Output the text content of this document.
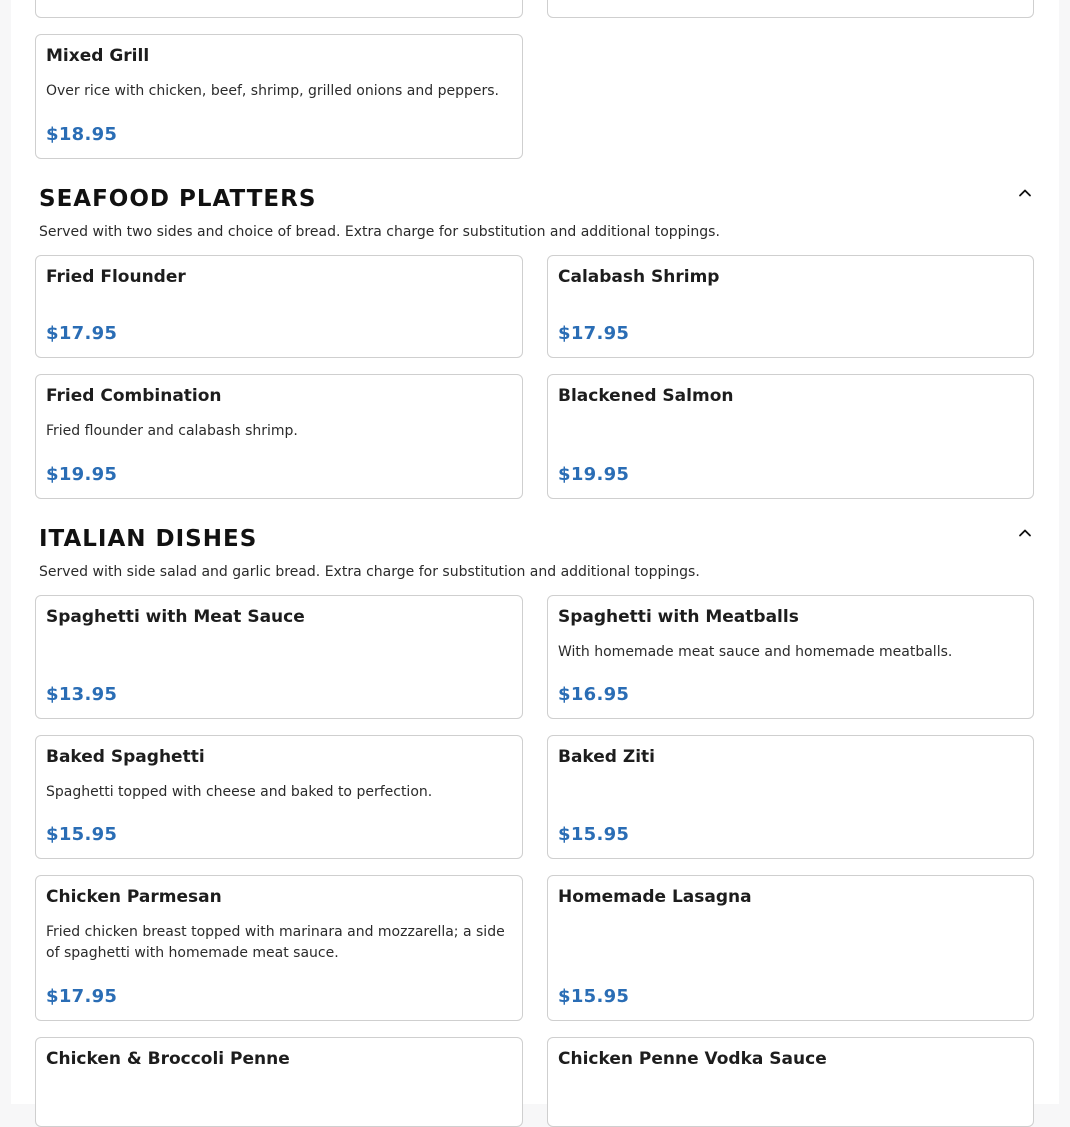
Mixed Grill
Over rice with chicken, beef, shrimp, grilled onions and peppers.
$18.95
SEAFOOD PLATTERS
Served with two sides and choice of bread. Extra charge for substitution and additional toppings.
Fried Flounder
$17.95
Calabash Shrimp
$17.95
Fried Combination
Fried flounder and calabash shrimp.
$19.95
Blackened Salmon
$19.95
ITALIAN DISHES
Served with side salad and garlic bread. Extra charge for substitution and additional toppings.
Spaghetti with Meat Sauce
$13.95
Spaghetti with Meatballs
With homemade meat sauce and homemade meatballs.
$16.95
Baked Spaghetti
Spaghetti topped with cheese and baked to perfection.
$15.95
Baked Ziti
$15.95
Chicken Parmesan
Fried chicken breast topped with marinara and mozzarella; a side of spaghetti with homemade meat sauce.
$17.95
Homemade Lasagna
$15.95
Chicken & Broccoli Penne	Chicken Penne Vodka Sauce
